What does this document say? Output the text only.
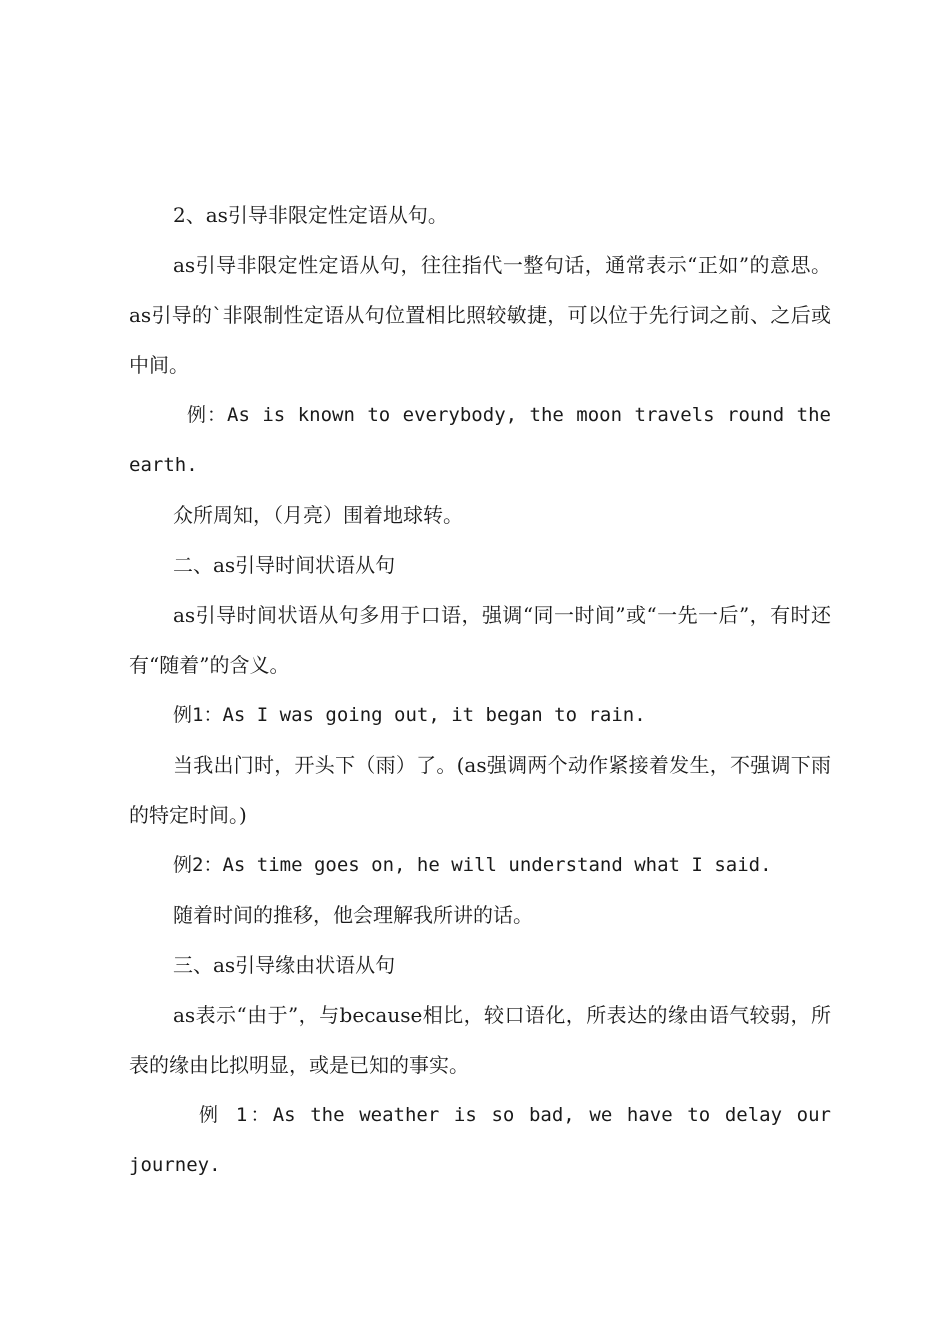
2、as引导非限定性定语从句。

as引导非限定性定语从句，往往指代一整句话，通常表示“正如”的意思。as引导的`非限制性定语从句位置相比照较敏捷，可以位于先行词之前、之后或中间。

例：As is known to everybody, the moon travels round the earth.

众所周知，（月亮）围着地球转。

二、as引导时间状语从句

as引导时间状语从句多用于口语，强调“同一时间”或“一先一后”，有时还有“随着”的含义。

例1：As I was going out, it began to rain.

当我出门时，开头下（雨）了。(as强调两个动作紧接着发生，不强调下雨的特定时间。)

例2：As time goes on, he will understand what I said.

随着时间的推移，他会理解我所讲的话。

三、as引导缘由状语从句

as表示“由于”，与because相比，较口语化，所表达的缘由语气较弱，所表的缘由比拟明显，或是已知的事实。

例 1：As the weather is so bad, we have to delay our journey.
